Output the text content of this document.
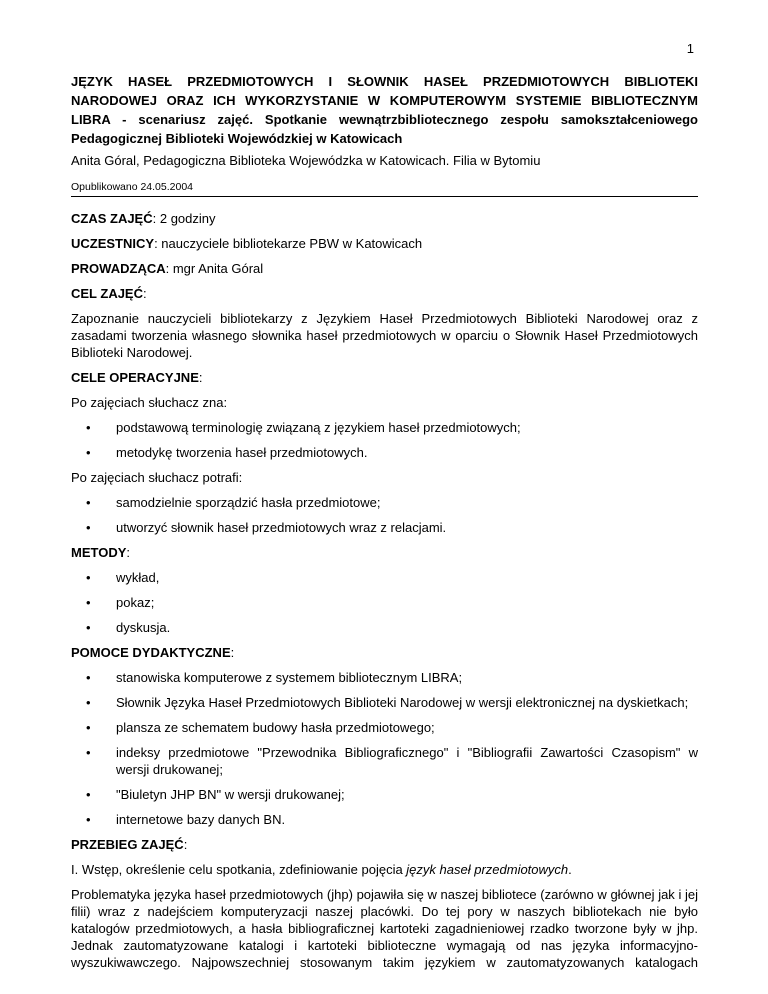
1

JĘZYK HASEŁ PRZEDMIOTOWYCH I SŁOWNIK HASEŁ PRZEDMIOTOWYCH BIBLIOTEKI NARODOWEJ ORAZ ICH WYKORZYSTANIE W KOMPUTEROWYM SYSTEMIE BIBLIOTECZNYM LIBRA - scenariusz zajęć. Spotkanie wewnątrzbibliotecznego zespołu samokształceniowego Pedagogicznej Biblioteki Wojewódzkiej w Katowicach

Anita Góral, Pedagogiczna Biblioteka Wojewódzka w Katowicach. Filia w Bytomiu

Opublikowano 24.05.2004

CZAS ZAJĘĆ: 2 godziny

UCZESTNICY: nauczyciele bibliotekarze PBW w Katowicach

PROWADZĄCA: mgr Anita Góral

CEL ZAJĘĆ:

Zapoznanie nauczycieli bibliotekarzy z Językiem Haseł Przedmiotowych Biblioteki Narodowej oraz z zasadami tworzenia własnego słownika haseł przedmiotowych w oparciu o Słownik Haseł Przedmiotowych Biblioteki Narodowej.

CELE OPERACYJNE:

Po zajęciach słuchacz zna:

• podstawową terminologię związaną z językiem haseł przedmiotowych;
• metodykę tworzenia haseł przedmiotowych.

Po zajęciach słuchacz potrafi:

• samodzielnie sporządzić hasła przedmiotowe;
• utworzyć słownik haseł przedmiotowych wraz z relacjami.

METODY:

• wykład,
• pokaz;
• dyskusja.

POMOCE DYDAKTYCZNE:

• stanowiska komputerowe z systemem bibliotecznym LIBRA;
• Słownik Języka Haseł Przedmiotowych Biblioteki Narodowej w wersji elektronicznej na dyskietkach;
• plansza ze schematem budowy hasła przedmiotowego;
• indeksy przedmiotowe "Przewodnika Bibliograficznego" i "Bibliografii Zawartości Czasopism" w wersji drukowanej;
• "Biuletyn JHP BN" w wersji drukowanej;
• internetowe bazy danych BN.

PRZEBIEG ZAJĘĆ:

I. Wstęp, określenie celu spotkania, zdefiniowanie pojęcia język haseł przedmiotowych.

Problematyka języka haseł przedmiotowych (jhp) pojawiła się w naszej bibliotece (zarówno w głównej jak i jej filii) wraz z nadejściem komputeryzacji naszej placówki. Do tej pory w naszych bibliotekach nie było katalogów przedmiotowych, a hasła bibliograficznej kartoteki zagadnieniowej rzadko tworzone były w jhp. Jednak zautomatyzowane katalogi i kartoteki biblioteczne wymagają od nas języka informacyjno-wyszukiwawczego. Najpowszechniej stosowanym takim językiem w zautomatyzowanych katalogach
